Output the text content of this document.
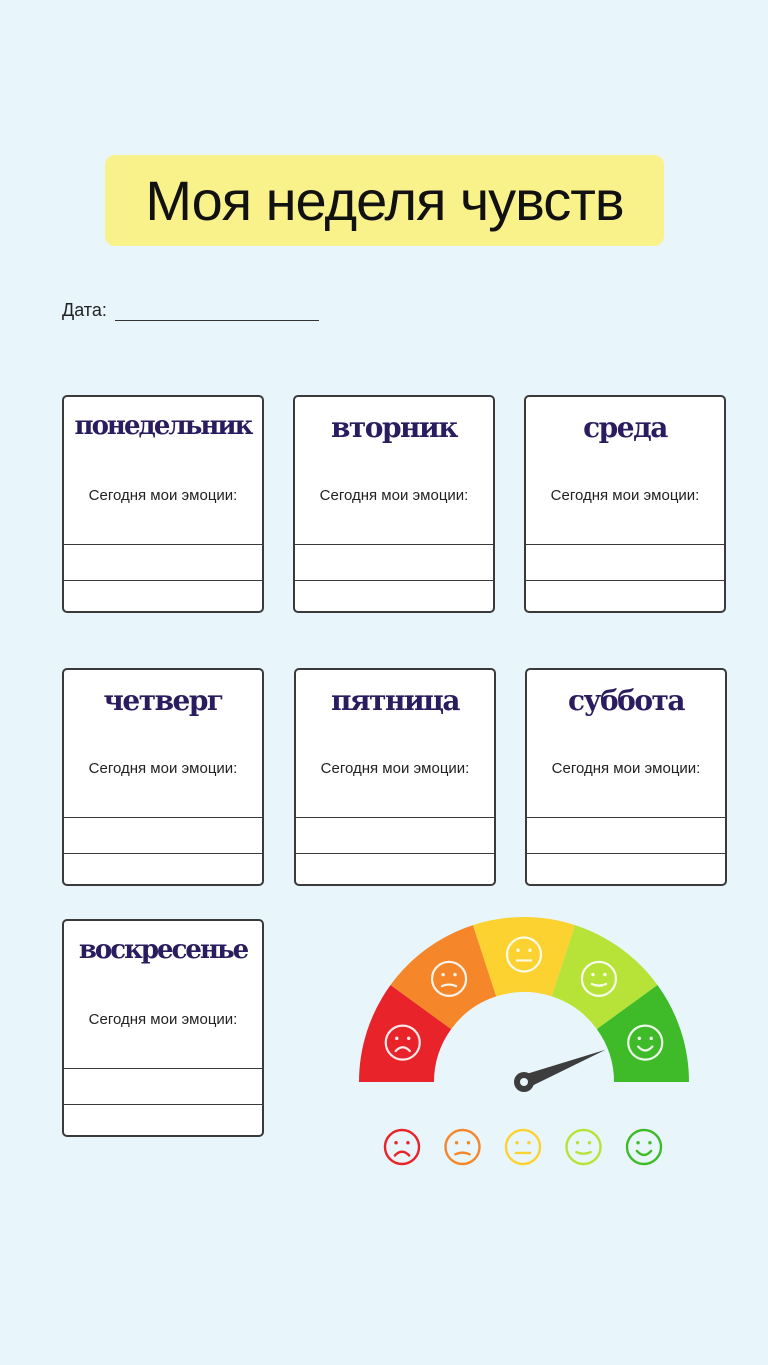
Моя неделя чувств
Дата:
понедельник
Сегодня мои эмоции:
вторник
Сегодня мои эмоции:
среда
Сегодня мои эмоции:
четверг
Сегодня мои эмоции:
пятница
Сегодня мои эмоции:
суббота
Сегодня мои эмоции:
воскресенье
Сегодня мои эмоции:
